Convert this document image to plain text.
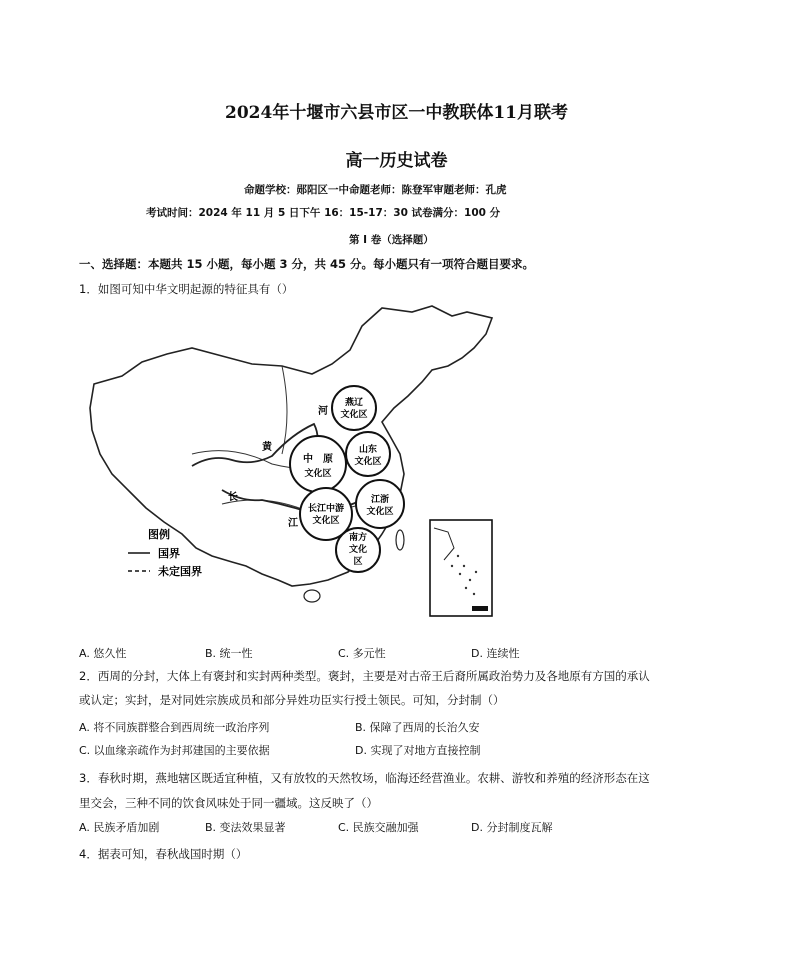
2024年十堰市六县市区一中教联体11月联考
高一历史试卷
命题学校：郧阳区一中命题老师：陈登军审题老师：孔虎
考试时间：2024 年 11 月 5 日下午 16：15-17：30 试卷满分：100 分
第 I 卷（选择题）
一、选择题：本题共 15 小题，每小题 3 分，共 45 分。每小题只有一项符合题目要求。
1．如图可知中华文明起源的特征具有（）
燕辽
文化区
中　原
文化区
山东
文化区
长江中游
文化区
江浙
文化区
南方
文化
区
河
黄
长
江
图例
国界
未定国界
A. 悠久性	B. 统一性	C. 多元性	D. 连续性
2．西周的分封，大体上有褒封和实封两种类型。褒封，主要是对古帝王后裔所属政治势力及各地原有方国的承认
或认定；实封，是对同姓宗族成员和部分异姓功臣实行授土领民。可知，分封制（）
A. 将不同族群整合到西周统一政治序列	B. 保障了西周的长治久安
C. 以血缘亲疏作为封邦建国的主要依据	D. 实现了对地方直接控制
3．春秋时期，燕地辖区既适宜种植，又有放牧的天然牧场，临海还经营渔业。农耕、游牧和养殖的经济形态在这
里交会，三种不同的饮食风味处于同一疆域。这反映了（）
A. 民族矛盾加剧	B. 变法效果显著	C. 民族交融加强	D. 分封制度瓦解
4．据表可知，春秋战国时期（）
